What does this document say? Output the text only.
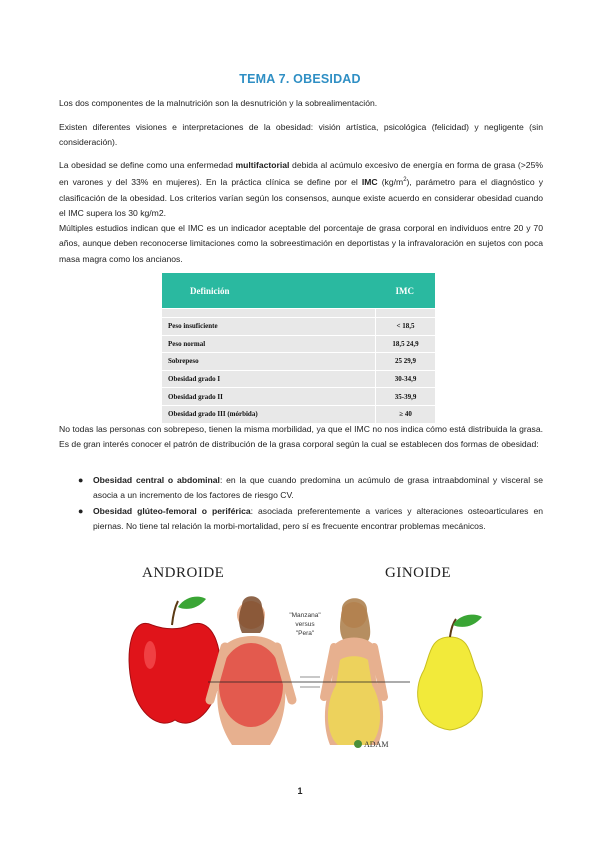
TEMA 7. OBESIDAD

Los dos componentes de la malnutrición son la desnutrición y la sobrealimentación.

Existen diferentes visiones e interpretaciones de la obesidad: visión artística, psicológica (felicidad) y negligente (sin consideración).

La obesidad se define como una enfermedad multifactorial debida al acúmulo excesivo de energía en forma de grasa (>25% en varones y del 33% en mujeres). En la práctica clínica se define por el IMC $(kg/m^2)$, parámetro para el diagnóstico y clasificación de la obesidad. Los criterios varían según los consensos, aunque existe acuerdo en considerar obesidad cuando el IMC supera los 30 kg/m2.

Múltiples estudios indican que el IMC es un indicador aceptable del porcentaje de grasa corporal en individuos entre 20 y 70 años, aunque deben reconocerse limitaciones como la sobreestimación en deportistas y la infravaloración en sujetos con poca masa magra como los ancianos.

Definición	IMC

Peso insuficiente	< 18,5
Peso normal	18,5 24,9
Sobrepeso	25 29,9
Obesidad grado I	30-34,9
Obesidad grado II	35-39,9
Obesidad grado III (mórbida)	≥ 40

No todas las personas con sobrepeso, tienen la misma morbilidad, ya que el IMC no nos indica cómo está distribuida la grasa. Es de gran interés conocer el patrón de distribución de la grasa corporal según la cual se establecen dos formas de obesidad:

● Obesidad central o abdominal: en la que cuando predomina un acúmulo de grasa intraabdominal y visceral se asocia a un incremento de los factores de riesgo CV.
● Obesidad glúteo-femoral o periférica: asociada preferentemente a varices y alteraciones osteoarticulares en piernas. No tiene tal relación la morbi-mortalidad, pero sí es frecuente encontrar problemas mecánicos.
ANDROIDE	GINOIDE
"Manzana"
versus
"Pera"
ADAM
1
